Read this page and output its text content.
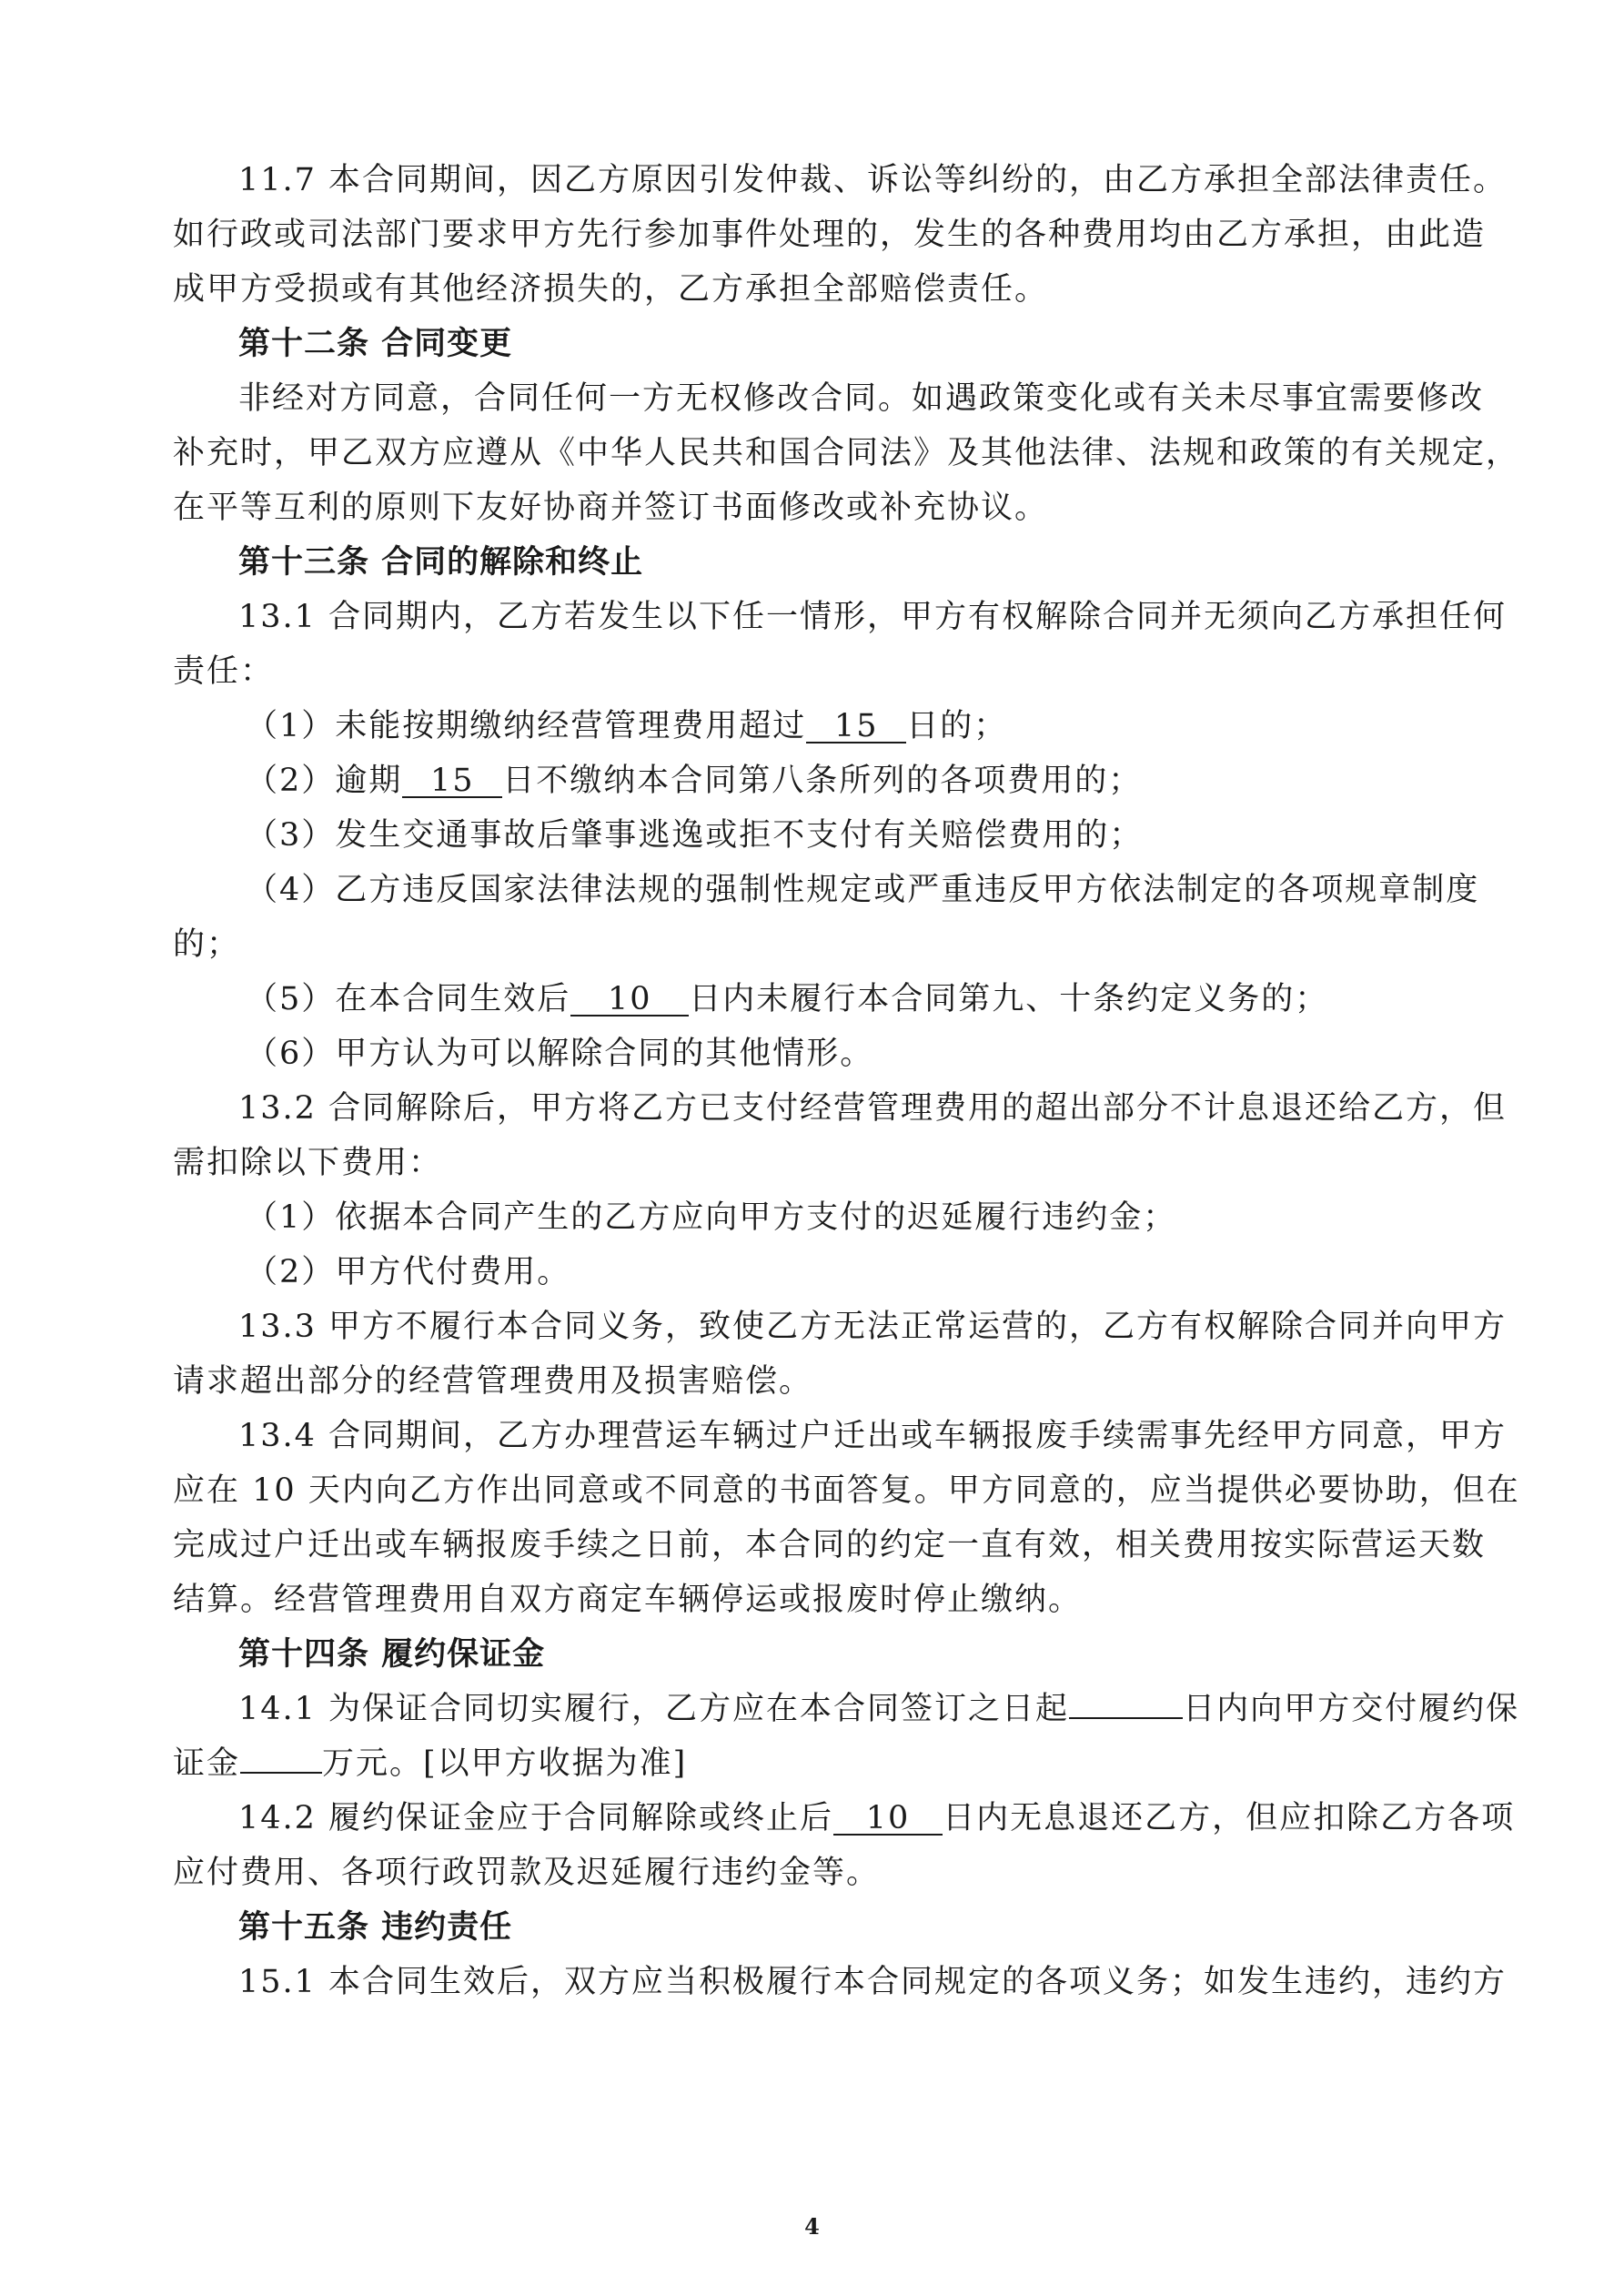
11.7 本合同期间，因乙方原因引发仲裁、诉讼等纠纷的，由乙方承担全部法律责任。
如行政或司法部门要求甲方先行参加事件处理的，发生的各种费用均由乙方承担，由此造
成甲方受损或有其他经济损失的，乙方承担全部赔偿责任。
第十二条 合同变更
非经对方同意，合同任何一方无权修改合同。如遇政策变化或有关未尽事宜需要修改
补充时，甲乙双方应遵从《中华人民共和国合同法》及其他法律、法规和政策的有关规定，
在平等互利的原则下友好协商并签订书面修改或补充协议。
第十三条 合同的解除和终止
13.1 合同期内，乙方若发生以下任一情形，甲方有权解除合同并无须向乙方承担任何
责任：
（1）未能按期缴纳经营管理费用超过 15 日的；
（2）逾期 15 日不缴纳本合同第八条所列的各项费用的；
（3）发生交通事故后肇事逃逸或拒不支付有关赔偿费用的；
（4）乙方违反国家法律法规的强制性规定或严重违反甲方依法制定的各项规章制度
的；
（5）在本合同生效后 10 日内未履行本合同第九、十条约定义务的；
（6）甲方认为可以解除合同的其他情形。
13.2 合同解除后，甲方将乙方已支付经营管理费用的超出部分不计息退还给乙方，但
需扣除以下费用：
（1）依据本合同产生的乙方应向甲方支付的迟延履行违约金；
（2）甲方代付费用。
13.3 甲方不履行本合同义务，致使乙方无法正常运营的，乙方有权解除合同并向甲方
请求超出部分的经营管理费用及损害赔偿。
13.4 合同期间，乙方办理营运车辆过户迁出或车辆报废手续需事先经甲方同意，甲方
应在 10 天内向乙方作出同意或不同意的书面答复。甲方同意的，应当提供必要协助，但在
完成过户迁出或车辆报废手续之日前，本合同的约定一直有效，相关费用按实际营运天数
结算。经营管理费用自双方商定车辆停运或报废时停止缴纳。
第十四条 履约保证金
14.1 为保证合同切实履行，乙方应在本合同签订之日起	日内向甲方交付履约保
证金	万元。[以甲方收据为准]
14.2 履约保证金应于合同解除或终止后 10 日内无息退还乙方，但应扣除乙方各项
应付费用、各项行政罚款及迟延履行违约金等。
第十五条 违约责任
15.1 本合同生效后，双方应当积极履行本合同规定的各项义务；如发生违约，违约方
4
